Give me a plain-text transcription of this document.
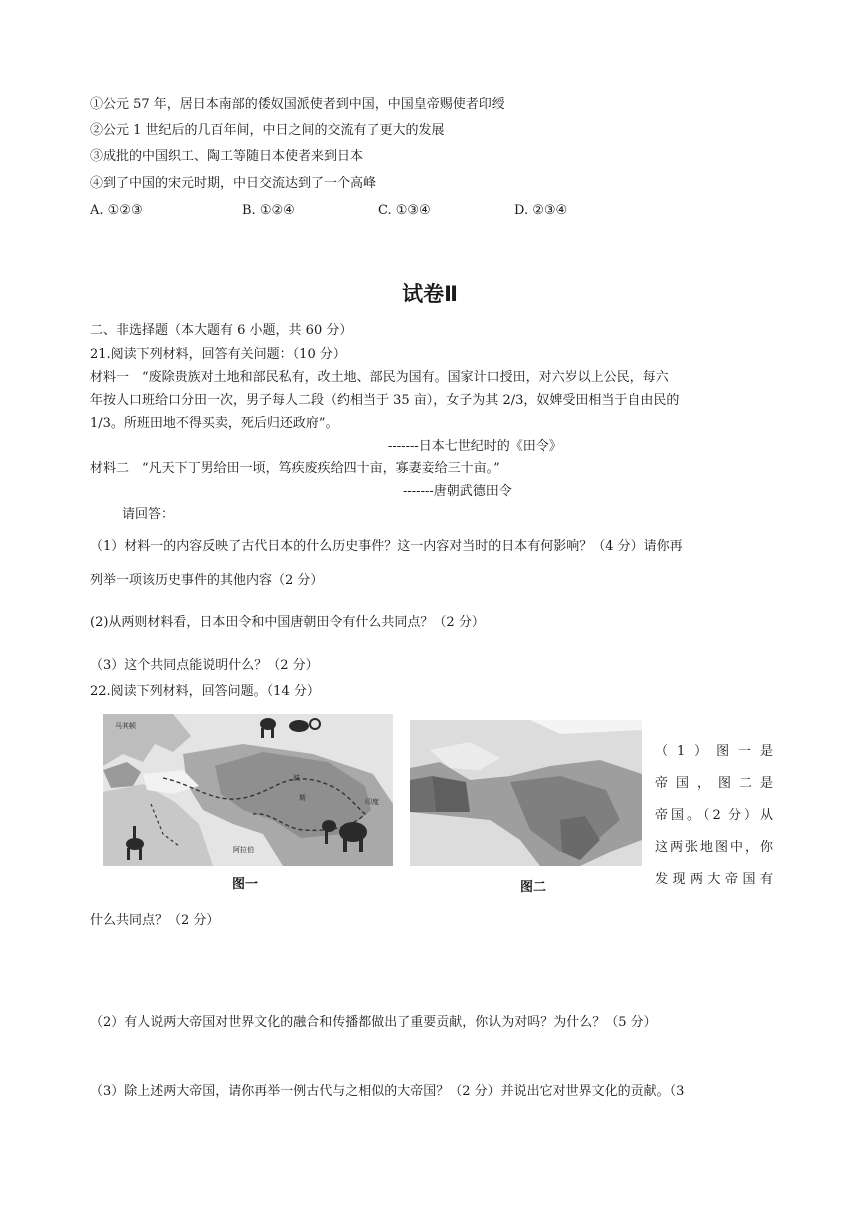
①公元 57 年，居日本南部的倭奴国派使者到中国，中国皇帝赐使者印绶
②公元 1 世纪后的几百年间，中日之间的交流有了更大的发展
③成批的中国织工、陶工等随日本使者来到日本
④到了中国的宋元时期，中日交流达到了一个高峰
A. ①②③	B. ①②④	C. ①③④	D. ②③④
试卷Ⅱ
二、非选择题（本大题有 6 小题，共 60 分）
21.阅读下列材料，回答有关问题：（10 分）
材料一　“废除贵族对土地和部民私有，改土地、部民为国有。国家计口授田，对六岁以上公民，每六
年按人口班给口分田一次，男子每人二段（约相当于 35 亩），女子为其 2/3，奴婢受田相当于自由民的
1/3。所班田地不得买卖，死后归还政府”。
-------日本七世纪时的《田令》
材料二　“凡天下丁男给田一顷，笃疾废疾给四十亩，寡妻妾给三十亩。”
-------唐朝武德田令
请回答：
（1）材料一的内容反映了古代日本的什么历史事件？这一内容对当时的日本有何影响？（4 分）请你再
列举一项该历史事件的其他内容（2 分）
(2)从两则材料看，日本田令和中国唐朝田令有什么共同点？（2 分）
（3）这个共同点能说明什么？（2 分）
22.阅读下列材料，回答问题。（14 分）
波
斯
马其顿
阿拉伯
印度
图一	图二
（1）图一是
帝国，图二是
帝国。（2 分）从
这两张地图中，你
发现两大帝国有
什么共同点？（2 分）
（2）有人说两大帝国对世界文化的融合和传播都做出了重要贡献，你认为对吗？为什么？（5 分）
（3）除上述两大帝国，请你再举一例古代与之相似的大帝国？（2 分）并说出它对世界文化的贡献。（3
